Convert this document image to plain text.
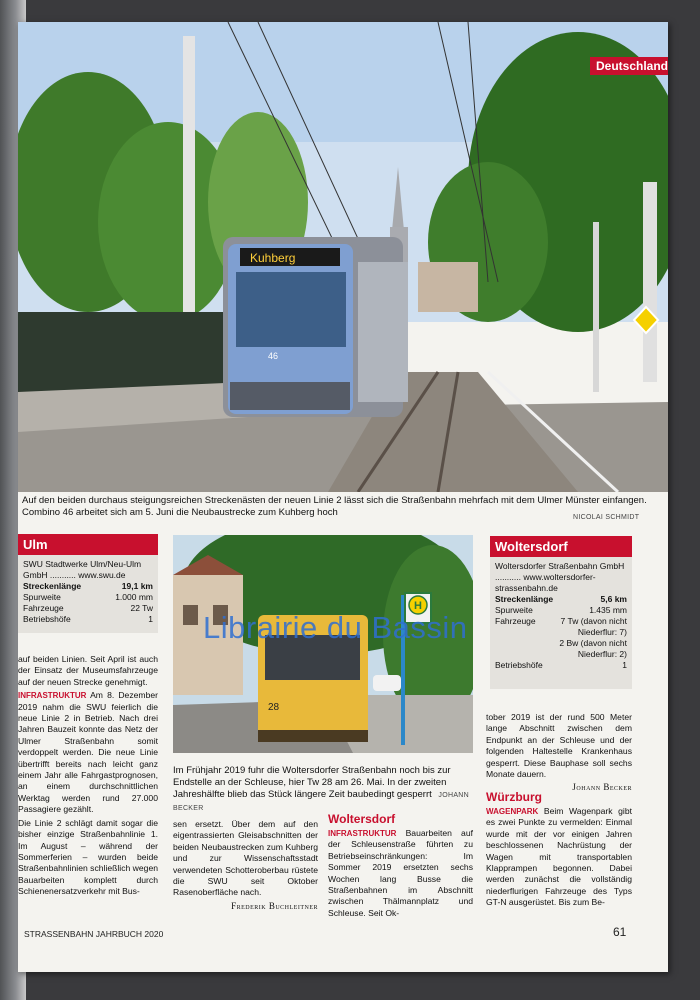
Kuhberg
46
Deutschland
Auf den beiden durchaus steigungsreichen Streckenästen der neuen Linie 2 lässt sich die Straßenbahn mehrfach mit dem Ulmer Münster einfangen. Combino 46 arbeitet sich am 5. Juni die Neubaustrecke zum Kuhberg hoch	NICOLAI SCHMIDT
Ulm
SWU Stadtwerke Ulm/Neu-Ulm GmbH ........... www.swu.de
Streckenlänge	19,1 km
Spurweite	1.000 mm
Fahrzeuge	22 Tw
Betriebshöfe	1

auf beiden Linien. Seit April ist auch der Einsatz der Museumsfahrzeuge auf der neuen Strecke genehmigt.

INFRASTRUKTUR Am 8. Dezember 2019 nahm die SWU feierlich die neue Linie 2 in Betrieb. Nach drei Jahren Bauzeit konnte das Netz der Ulmer Straßenbahn somit verdoppelt werden. Die neue Linie übertrifft bereits nach leicht ganz einem Jahr alle Fahrgastprognosen, an einem durchschnittlichen Werktag werden rund 27.000 Passagiere gezählt.

Die Linie 2 schlägt damit sogar die bisher einzige Straßenbahnlinie 1. Im August – während der Sommerferien – wurden beide Straßenbahnlinien schließlich wegen Bauarbeiten komplett durch Schienenersatzverkehr mit Bus-

28
H
Im Frühjahr 2019 fuhr die Woltersdorfer Straßenbahn noch bis zur Endstelle an der Schleuse, hier Tw 28 am 26. Mai. In der zweiten Jahreshälfte blieb das Stück längere Zeit baubedingt gesperrt JOHANN BECKER
Librairie du Bassin

sen ersetzt. Über dem auf den eigentrassierten Gleisabschnitten der beiden Neubaustrecken zum Kuhberg und zur Wissenschaftsstadt verwendeten Schotteroberbau rüstete die SWU seit Oktober Rasenoberfläche nach.

Frederik Buchleitner

Woltersdorf

INFRASTRUKTUR Bauarbeiten auf der Schleusenstraße führten zu Betriebseinschränkungen: Im Sommer 2019 ersetzten sechs Wochen lang Busse die Straßenbahnen im Abschnitt zwischen Thälmannplatz und Schleuse. Seit Ok-

Woltersdorf
Woltersdorfer Straßenbahn GmbH ........... www.woltersdorfer-strassenbahn.de
Streckenlänge	5,6 km
Spurweite	1.435 mm
Fahrzeuge	7 Tw (davon nicht Niederflur: 7)
2 Bw (davon nicht Niederflur: 2)
Betriebshöfe	1

tober 2019 ist der rund 500 Meter lange Abschnitt zwischen dem Endpunkt an der Schleuse und der folgenden Haltestelle Krankenhaus gesperrt. Diese Bauphase soll sechs Monate dauern.

Johann Becker

Würzburg

WAGENPARK Beim Wagenpark gibt es zwei Punkte zu vermelden: Einmal wurde mit der vor einigen Jahren beschlossenen Nachrüstung der Wagen mit transportablen Klapprampen begonnen. Dabei werden zunächst die vollständig niederflurigen Fahrzeuge des Typs GT-N ausgerüstet. Bis zum Be-

STRASSENBAHN JAHRBUCH 2020	61
